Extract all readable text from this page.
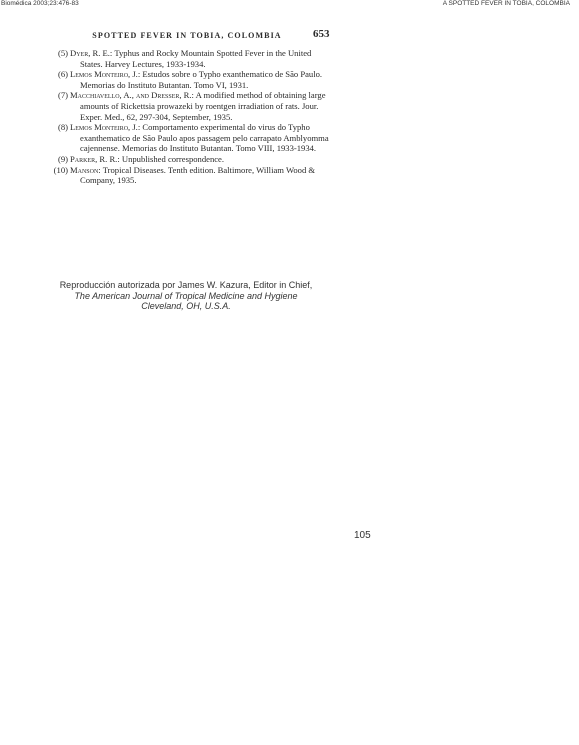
Biomédica 2003;23:476-83	A SPOTTED FEVER IN TOBIA, COLOMBIA
SPOTTED FEVER IN TOBIA, COLOMBIA	653
(5) Dyer, R. E.: Typhus and Rocky Mountain Spotted Fever in the United
States. Harvey Lectures, 1933-1934.
(6) Lemos Monteiro, J.: Estudos sobre o Typho exanthematico de São Paulo.
Memorias do Instituto Butantan. Tomo VI, 1931.
(7) Macchiavello, A., and Dresser, R.: A modified method of obtaining large
amounts of Rickettsia prowazeki by roentgen irradiation of rats. Jour.
Exper. Med., 62, 297-304, September, 1935.
(8) Lemos Monteiro, J.: Comportamento experimental do virus do Typho
exanthematico de São Paulo apos passagem pelo carrapato Amblyomma
cajennense. Memorias do Instituto Butantan. Tomo VIII, 1933-1934.
(9) Parker, R. R.: Unpublished correspondence.
(10) Manson: Tropical Diseases. Tenth edition. Baltimore, William Wood &
Company, 1935.
Reproducción autorizada por James W. Kazura, Editor in Chief,
The American Journal of Tropical Medicine and Hygiene
Cleveland, OH, U.S.A.
105
